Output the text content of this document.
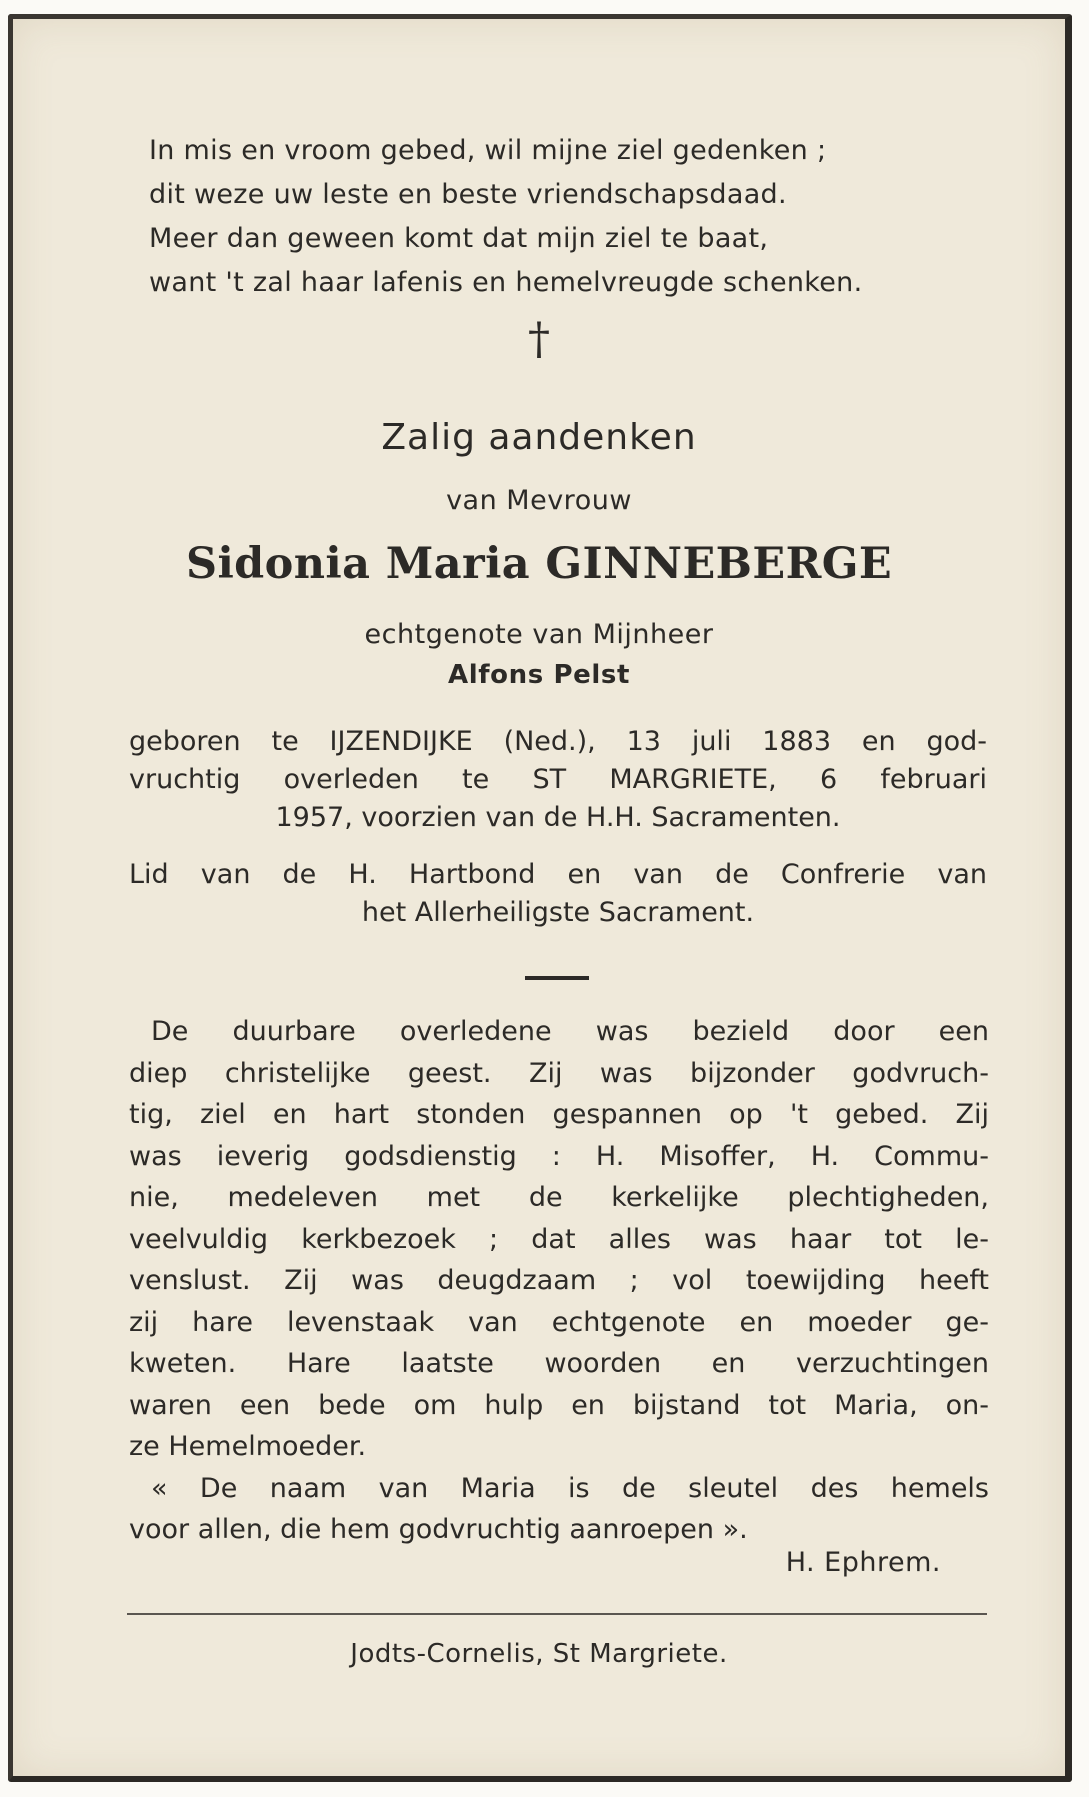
In mis en vroom gebed, wil mijne ziel gedenken ;
dit weze uw leste en beste vriendschapsdaad.
Meer dan geween komt dat mijn ziel te baat,
want 't zal haar lafenis en hemelvreugde schenken.
†
Zalig aandenken
van Mevrouw
Sidonia Maria GINNEBERGE
echtgenote van Mijnheer
Alfons Pelst
geboren te IJZENDIJKE (Ned.), 13 juli 1883 en god-
vruchtig overleden te ST MARGRIETE, 6 februari
1957, voorzien van de H.H. Sacramenten.
Lid van de H. Hartbond en van de Confrerie van
het Allerheiligste Sacrament.
De duurbare overledene was bezield door een
diep christelijke geest. Zij was bijzonder godvruch-
tig, ziel en hart stonden gespannen op 't gebed. Zij
was ieverig godsdienstig : H. Misoffer, H. Commu-
nie, medeleven met de kerkelijke plechtigheden,
veelvuldig kerkbezoek ; dat alles was haar tot le-
venslust. Zij was deugdzaam ; vol toewijding heeft
zij hare levenstaak van echtgenote en moeder ge-
kweten. Hare laatste woorden en verzuchtingen
waren een bede om hulp en bijstand tot Maria, on-
ze Hemelmoeder.
« De naam van Maria is de sleutel des hemels
voor allen, die hem godvruchtig aanroepen ».
H. Ephrem.
Jodts-Cornelis, St Margriete.
